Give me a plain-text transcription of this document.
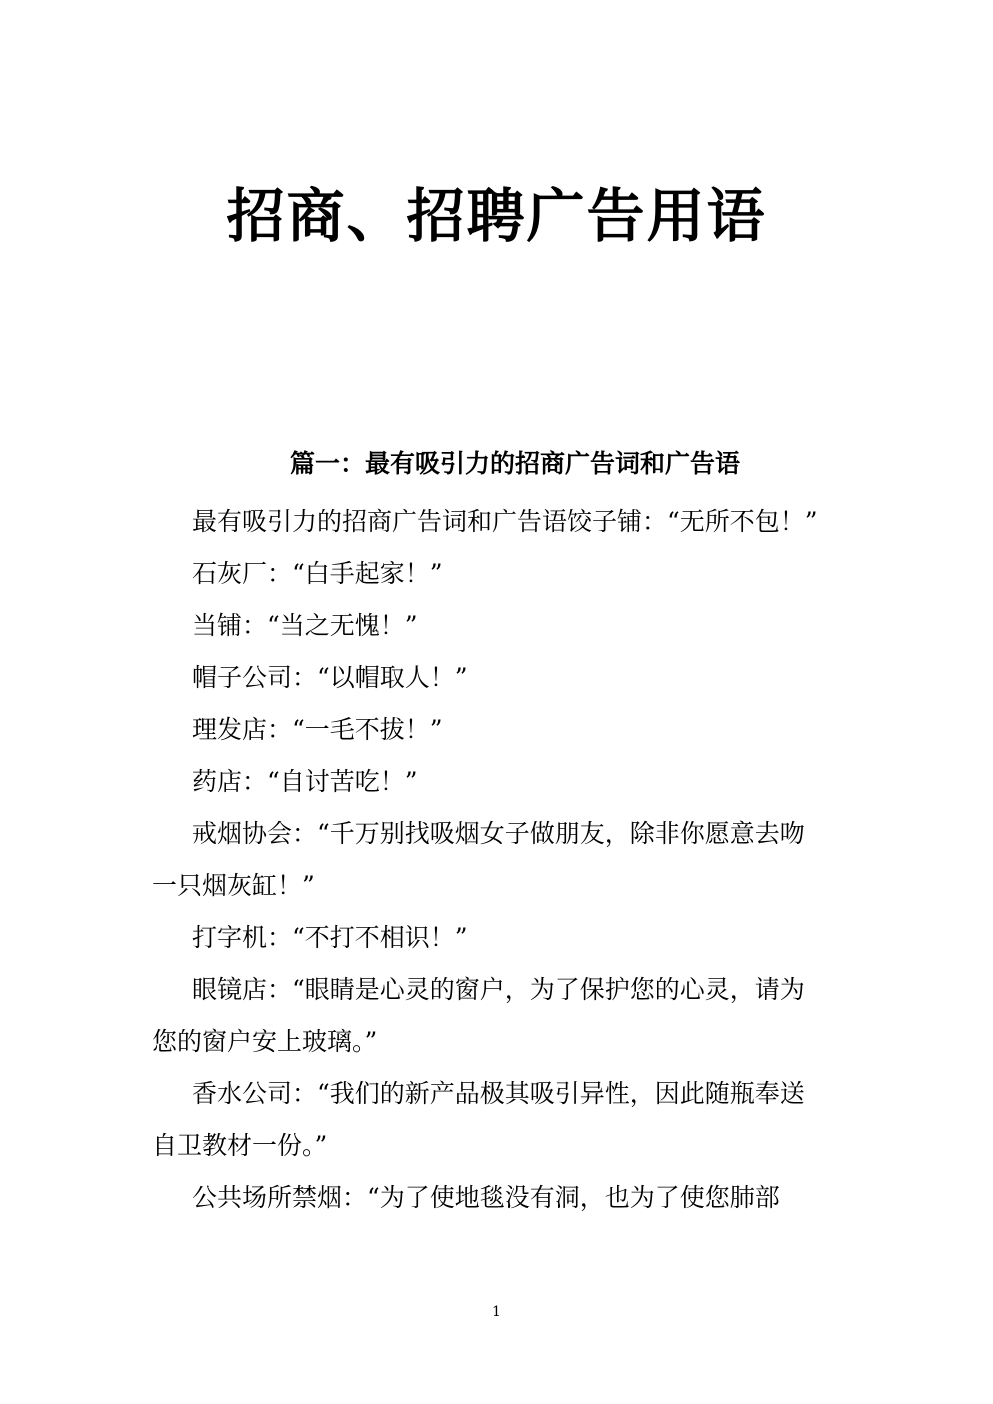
招商、招聘广告用语
篇一：最有吸引力的招商广告词和广告语

最有吸引力的招商广告词和广告语饺子铺：“无所不包！”

石灰厂：“白手起家！”

当铺：“当之无愧！”

帽子公司：“以帽取人！”

理发店：“一毛不拔！”

药店：“自讨苦吃！”

戒烟协会：“千万别找吸烟女子做朋友，除非你愿意去吻一只烟灰缸！”

打字机：“不打不相识！”

眼镜店：“眼睛是心灵的窗户，为了保护您的心灵，请为您的窗户安上玻璃。”

香水公司：“我们的新产品极其吸引异性，因此随瓶奉送自卫教材一份。”

公共场所禁烟：“为了使地毯没有洞，也为了使您肺部

1
